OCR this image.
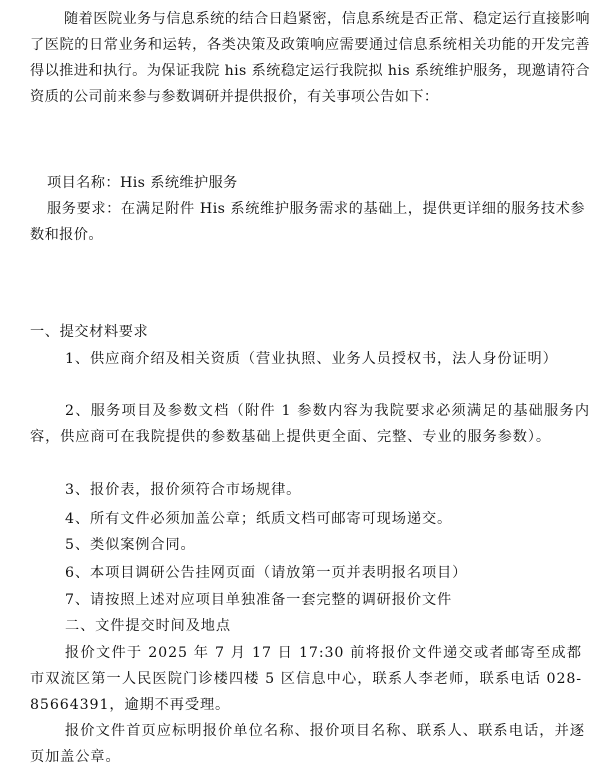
随着医院业务与信息系统的结合日趋紧密，信息系统是否正常、稳定运行直接影响了医院的日常业务和运转，各类决策及政策响应需要通过信息系统相关功能的开发完善得以推进和执行。为保证我院 his 系统稳定运行我院拟 his 系统维护服务，现邀请符合资质的公司前来参与参数调研并提供报价，有关事项公告如下：

项目名称：His 系统维护服务

服务要求：在满足附件 His 系统维护服务需求的基础上，提供更详细的服务技术参数和报价。

一、提交材料要求

1、供应商介绍及相关资质（营业执照、业务人员授权书，法人身份证明）

2、服务项目及参数文档（附件 1 参数内容为我院要求必须满足的基础服务内容，供应商可在我院提供的参数基础上提供更全面、完整、专业的服务参数）。

3、报价表，报价须符合市场规律。

4、所有文件必须加盖公章；纸质文档可邮寄可现场递交。

5、类似案例合同。

6、本项目调研公告挂网页面（请放第一页并表明报名项目）

7、请按照上述对应项目单独准备一套完整的调研报价文件

二、文件提交时间及地点

报价文件于 2025 年 7 月 17 日 17:30 前将报价文件递交或者邮寄至成都市双流区第一人民医院门诊楼四楼 5 区信息中心，联系人李老师，联系电话 028-85664391，逾期不再受理。

报价文件首页应标明报价单位名称、报价项目名称、联系人、联系电话，并逐页加盖公章。
